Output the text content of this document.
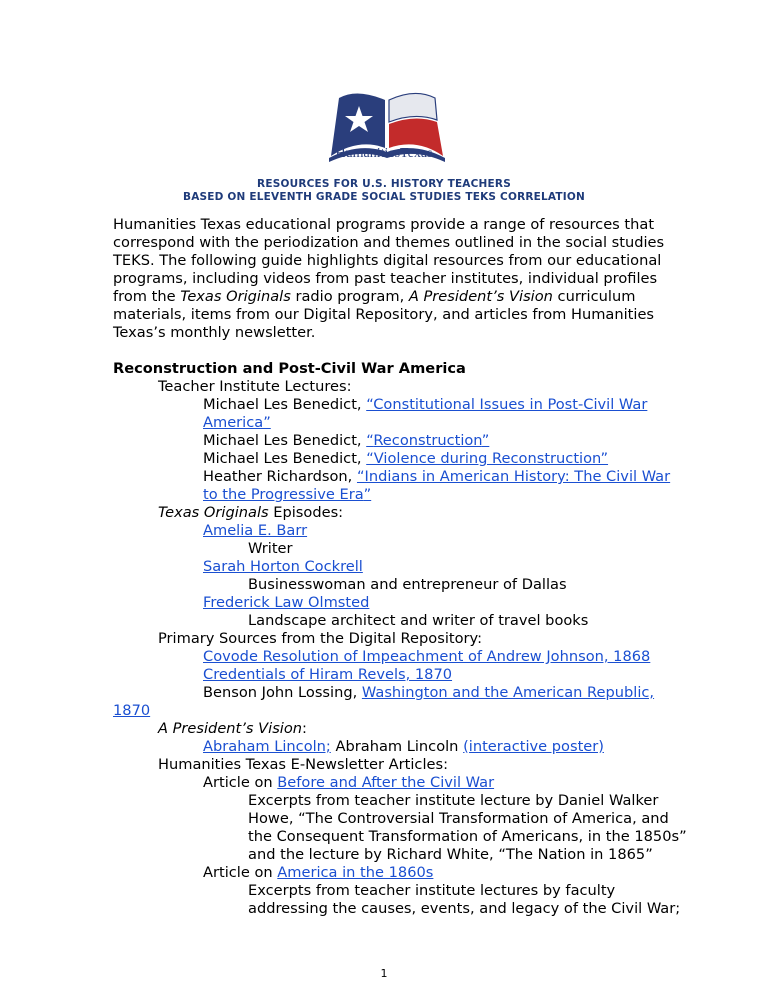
HumanitiesTexas
RESOURCES FOR U.S. HISTORY TEACHERS
BASED ON ELEVENTH GRADE SOCIAL STUDIES TEKS CORRELATION
Humanities Texas educational programs provide a range of resources that correspond with the periodization and themes outlined in the social studies TEKS. The following guide highlights digital resources from our educational programs, including videos from past teacher institutes, individual profiles from the Texas Originals radio program, A President’s Vision curriculum materials, items from our Digital Repository, and articles from Humanities Texas’s monthly newsletter.
Reconstruction and Post-Civil War America
Teacher Institute Lectures:
Michael Les Benedict, “Constitutional Issues in Post-Civil War
America”
Michael Les Benedict, “Reconstruction”
Michael Les Benedict, “Violence during Reconstruction”
Heather Richardson, “Indians in American History: The Civil War
to the Progressive Era”
Texas Originals Episodes:
Amelia E. Barr
Writer
Sarah Horton Cockrell
Businesswoman and entrepreneur of Dallas
Frederick Law Olmsted
Landscape architect and writer of travel books
Primary Sources from the Digital Repository:
Covode Resolution of Impeachment of Andrew Johnson, 1868
Credentials of Hiram Revels, 1870
Benson John Lossing, Washington and the American Republic,
1870
A President’s Vision:
Abraham Lincoln; Abraham Lincoln (interactive poster)
Humanities Texas E-Newsletter Articles:
Article on Before and After the Civil War
Excerpts from teacher institute lecture by Daniel Walker
Howe, “The Controversial Transformation of America, and
the Consequent Transformation of Americans, in the 1850s”
and the lecture by Richard White, “The Nation in 1865”
Article on America in the 1860s
Excerpts from teacher institute lectures by faculty
addressing the causes, events, and legacy of the Civil War;
1
